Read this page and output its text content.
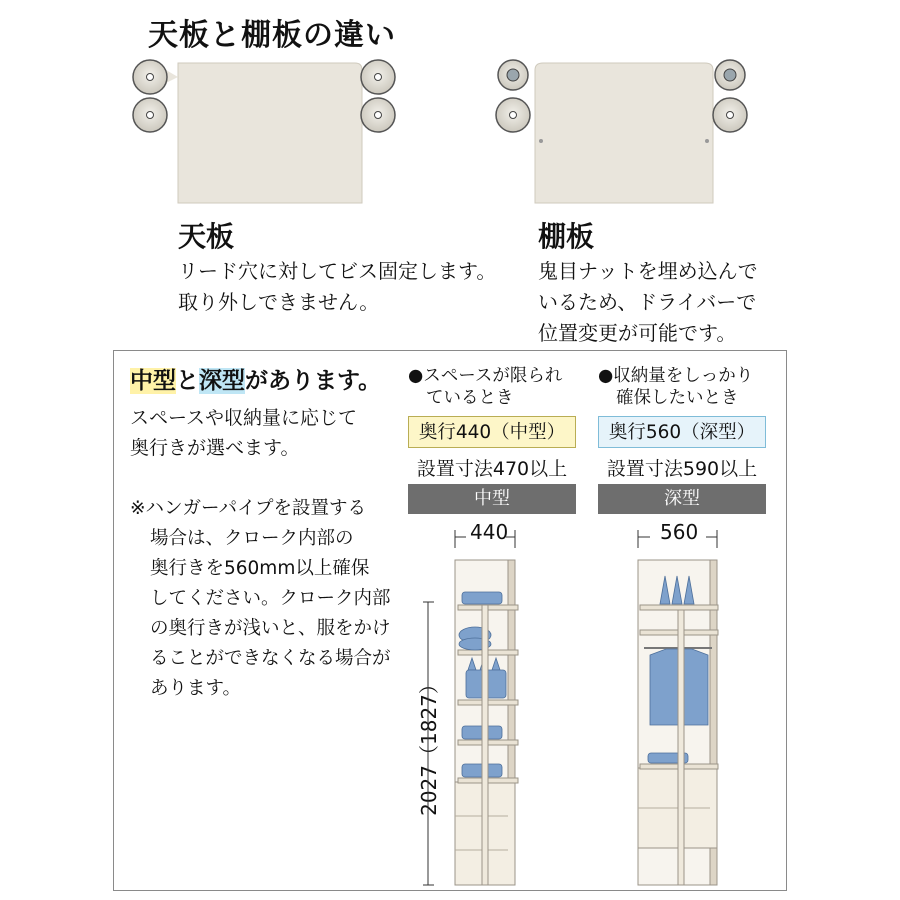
天板と棚板の違い
天板
リード穴に対してビス固定します。
取り外しできません。
棚板
鬼目ナットを埋め込んで
いるため、ドライバーで
位置変更が可能です。
中型と深型があります。
スペースや収納量に応じて
奥行きが選べます。
※ハンガーパイプを設置する
場合は、クローク内部の
奥行きを560mm以上確保
してください。クローク内部
の奥行きが浅いと、服をかけ
ることができなくなる場合が
あります。
●スペースが限られ
ているとき
奥行440（中型）
設置寸法470以上
中型
●収納量をしっかり
確保したいとき
奥行560（深型）
設置寸法590以上
深型
440	560
2027（1827）
